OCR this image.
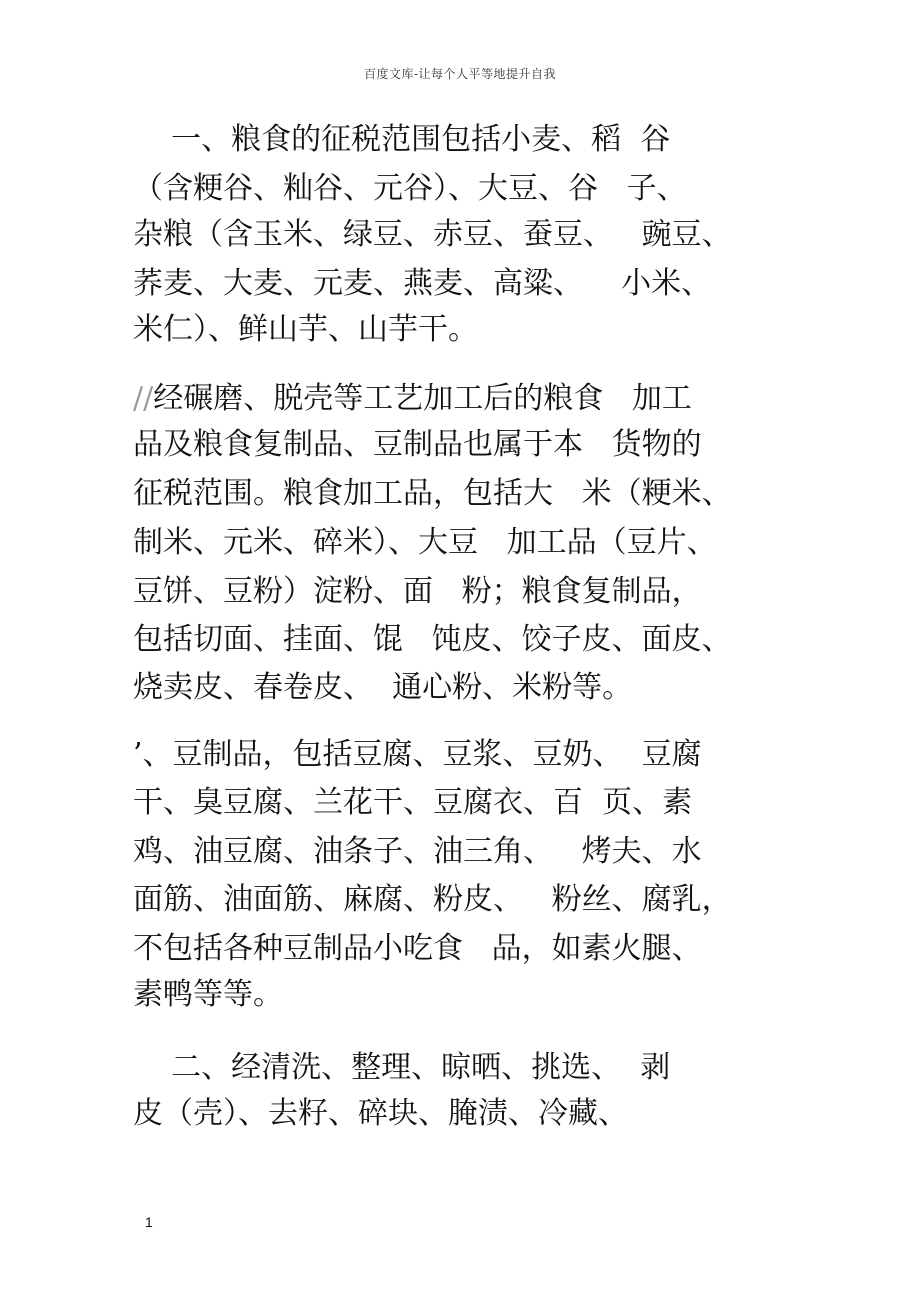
百度文库-让每个人平等地提升自我

一、粮食的征税范围包括小麦、稻  谷

（含粳谷、籼谷、元谷）、大豆、谷   子、

杂粮（含玉米、绿豆、赤豆、蚕豆、   豌豆、

荞麦、大麦、元麦、燕麦、高粱、    小米、

米仁）、鲜山芋、山芋干。

//经碾磨、脱壳等工艺加工后的粮食   加工

品及粮食复制品、豆制品也属于本   货物的

征税范围。粮食加工品，包括大   米（粳米、

制米、元米、碎米）、大豆   加工品（豆片、

豆饼、豆粉）淀粉、面   粉；粮食复制品，

包括切面、挂面、馄   饨皮、饺子皮、面皮、

烧卖皮、春卷皮、  通心粉、米粉等。

’、豆制品，包括豆腐、豆浆、豆奶、  豆腐

干、臭豆腐、兰花干、豆腐衣、百  页、素

鸡、油豆腐、油条子、油三角、   烤夫、水

面筋、油面筋、麻腐、粉皮、   粉丝、腐乳，

不包括各种豆制品小吃食   品，如素火腿、

素鸭等等。

二、经清洗、整理、晾晒、挑选、  剥

皮（壳）、去籽、碎块、腌渍、冷藏、

1
